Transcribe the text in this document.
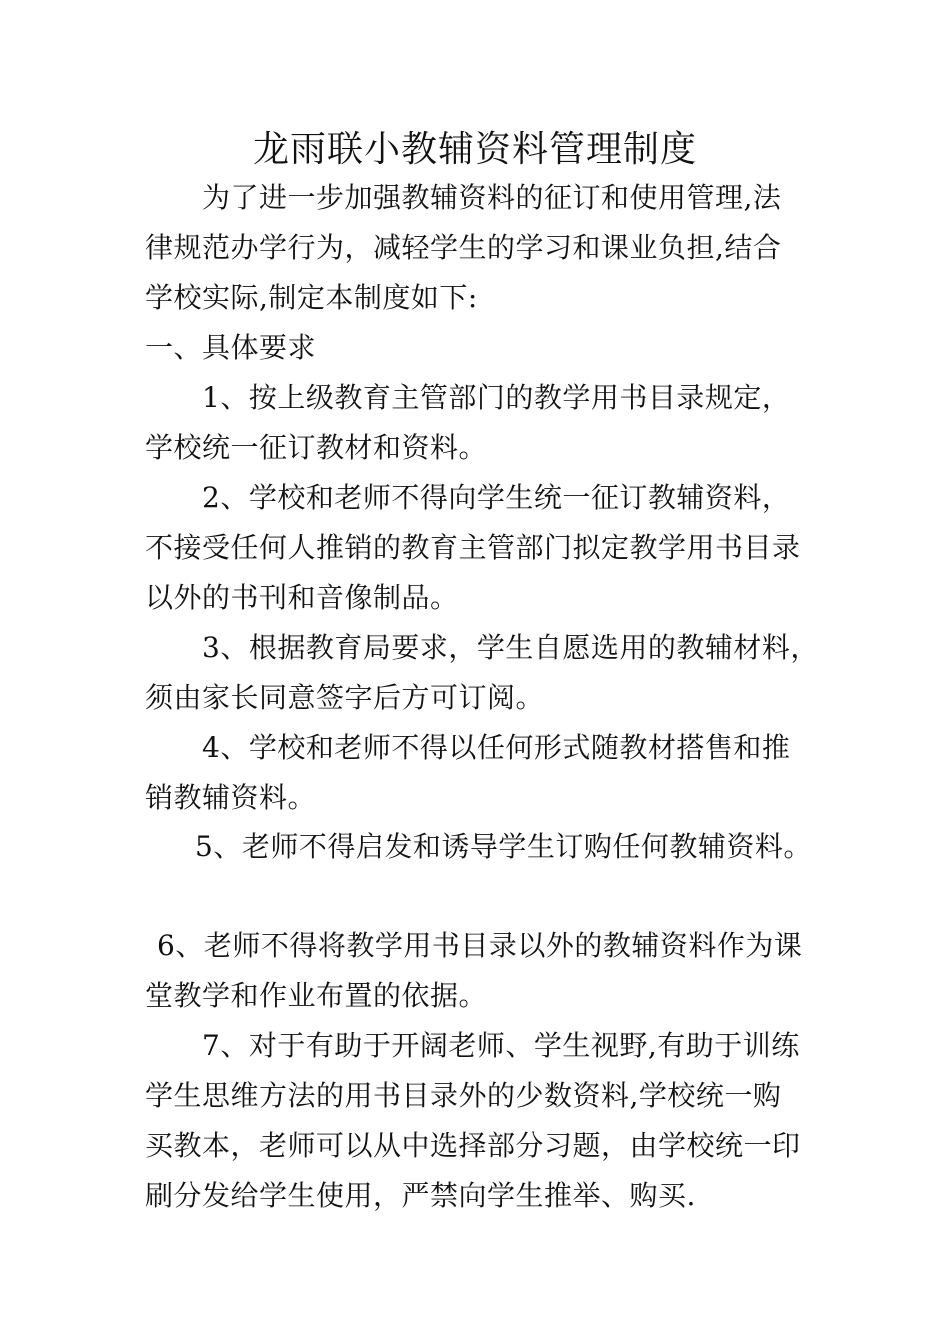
龙雨联小教辅资料管理制度
为了进一步加强教辅资料的征订和使用管理,法
律规范办学行为，减轻学生的学习和课业负担,结合
学校实际,制定本制度如下:
一、具体要求
1、按上级教育主管部门的教学用书目录规定，
学校统一征订教材和资料。
2、学校和老师不得向学生统一征订教辅资料，
不接受任何人推销的教育主管部门拟定教学用书目录
以外的书刊和音像制品。
3、根据教育局要求，学生自愿选用的教辅材料，
须由家长同意签字后方可订阅。
4、学校和老师不得以任何形式随教材搭售和推
销教辅资料。
5、老师不得启发和诱导学生订购任何教辅资料。
6、老师不得将教学用书目录以外的教辅资料作为课
堂教学和作业布置的依据。
7、对于有助于开阔老师、学生视野,有助于训练
学生思维方法的用书目录外的少数资料,学校统一购
买教本，老师可以从中选择部分习题，由学校统一印
刷分发给学生使用，严禁向学生推举、购买.
